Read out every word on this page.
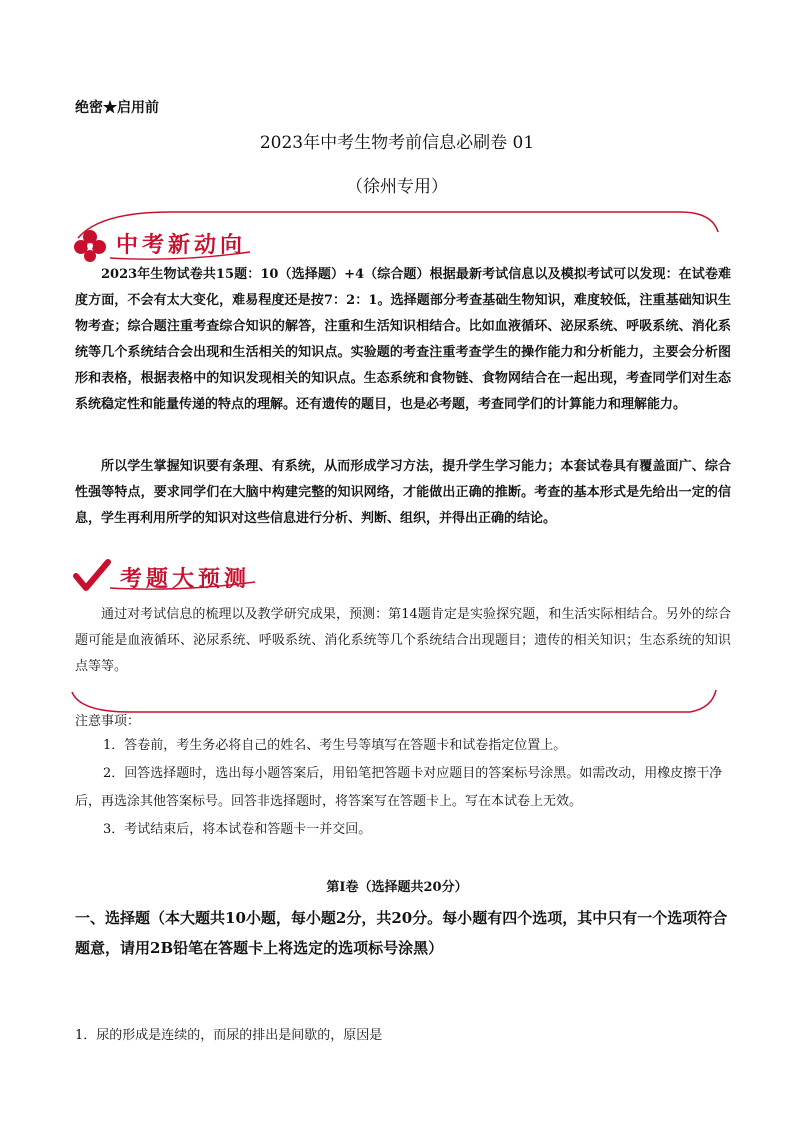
绝密★启用前
2023年中考生物考前信息必刷卷 01
（徐州专用）
中考新动向
2023年生物试卷共15题：10（选择题）+4（综合题）根据最新考试信息以及模拟考试可以发现：在试卷难度方面，不会有太大变化，难易程度还是按7：2：1。选择题部分考查基础生物知识，难度较低，注重基础知识生物考查；综合题注重考查综合知识的解答，注重和生活知识相结合。比如血液循环、泌尿系统、呼吸系统、消化系统等几个系统结合会出现和生活相关的知识点。实验题的考查注重考查学生的操作能力和分析能力，主要会分析图形和表格，根据表格中的知识发现相关的知识点。生态系统和食物链、食物网结合在一起出现，考查同学们对生态系统稳定性和能量传递的特点的理解。还有遗传的题目，也是必考题，考查同学们的计算能力和理解能力。
所以学生掌握知识要有条理、有系统，从而形成学习方法，提升学生学习能力；本套试卷具有覆盖面广、综合性强等特点，要求同学们在大脑中构建完整的知识网络，才能做出正确的推断。考查的基本形式是先给出一定的信息，学生再利用所学的知识对这些信息进行分析、判断、组织，并得出正确的结论。
考题大预测
通过对考试信息的梳理以及教学研究成果，预测：第14题肯定是实验探究题，和生活实际相结合。另外的综合题可能是血液循环、泌尿系统、呼吸系统、消化系统等几个系统结合出现题目；遗传的相关知识；生态系统的知识点等等。
注意事项：
1．答卷前，考生务必将自己的姓名、考生号等填写在答题卡和试卷指定位置上。
2．回答选择题时，选出每小题答案后，用铅笔把答题卡对应题目的答案标号涂黑。如需改动，用橡皮擦干净后，再选涂其他答案标号。回答非选择题时，将答案写在答题卡上。写在本试卷上无效。
3．考试结束后，将本试卷和答题卡一并交回。
第I卷（选择题共20分）
一、选择题（本大题共10小题，每小题2分，共20分。每小题有四个选项，其中只有一个选项符合题意，请用2B铅笔在答题卡上将选定的选项标号涂黑）
1．尿的形成是连续的，而尿的排出是间歇的，原因是
